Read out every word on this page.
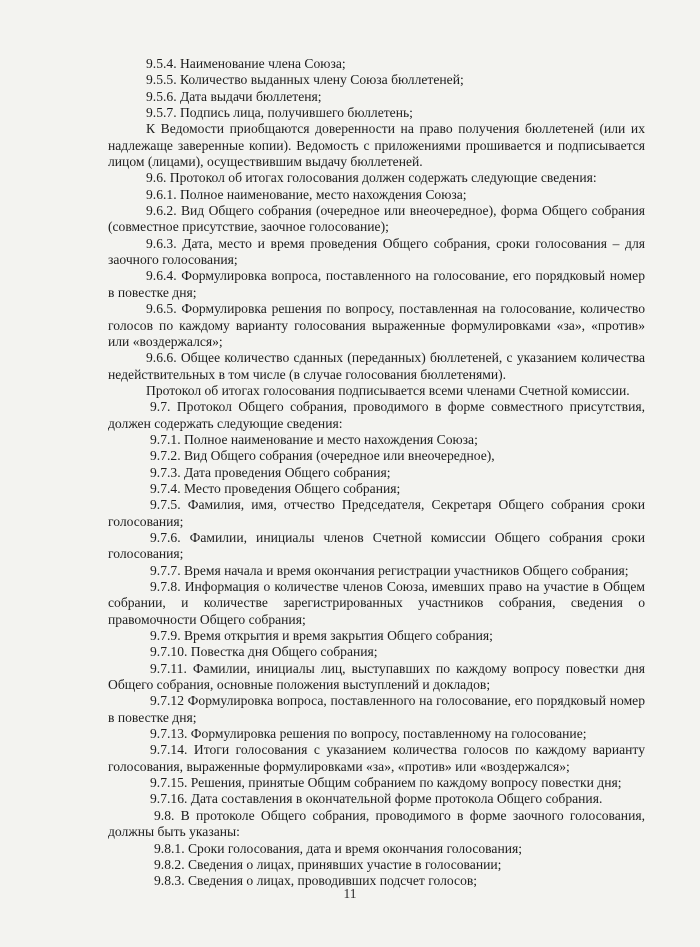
9.5.4. Наименование члена Союза;

9.5.5. Количество выданных члену Союза бюллетеней;

9.5.6. Дата выдачи бюллетеня;

9.5.7. Подпись лица, получившего бюллетень;

К Ведомости приобщаются доверенности на право получения бюллетеней (или их надлежаще заверенные копии). Ведомость с приложениями прошивается и подписывается лицом (лицами), осуществившим выдачу бюллетеней.

9.6. Протокол об итогах голосования должен содержать следующие сведения:

9.6.1. Полное наименование, место нахождения Союза;

9.6.2. Вид Общего собрания (очередное или внеочередное), форма Общего собрания (совместное присутствие, заочное голосование);

9.6.3. Дата, место и время проведения Общего собрания, сроки голосования – для заочного голосования;

9.6.4. Формулировка вопроса, поставленного на голосование, его порядковый номер в повестке дня;

9.6.5. Формулировка решения по вопросу, поставленная на голосование, количество голосов по каждому варианту голосования выраженные формулировками «за», «против» или «воздержался»;

9.6.6. Общее количество сданных (переданных) бюллетеней, с указанием количества недействительных в том числе (в случае голосования бюллетенями).

Протокол об итогах голосования подписывается всеми членами Счетной комиссии.

9.7. Протокол Общего собрания, проводимого в форме совместного присутствия, должен содержать следующие сведения:

9.7.1. Полное наименование и место нахождения Союза;

9.7.2. Вид Общего собрания (очередное или внеочередное),

9.7.3. Дата проведения Общего собрания;

9.7.4. Место проведения Общего собрания;

9.7.5. Фамилия, имя, отчество Председателя, Секретаря Общего собрания сроки голосования;

9.7.6. Фамилии, инициалы членов Счетной комиссии Общего собрания сроки голосования;

9.7.7. Время начала и время окончания регистрации участников Общего собрания;

9.7.8. Информация о количестве членов Союза, имевших право на участие в Общем собрании, и количестве зарегистрированных участников собрания, сведения о правомочности Общего собрания;

9.7.9. Время открытия и время закрытия Общего собрания;

9.7.10. Повестка дня Общего собрания;

9.7.11. Фамилии, инициалы лиц, выступавших по каждому вопросу повестки дня Общего собрания, основные положения выступлений и докладов;

9.7.12 Формулировка вопроса, поставленного на голосование, его порядковый номер в повестке дня;

9.7.13. Формулировка решения по вопросу, поставленному на голосование;

9.7.14. Итоги голосования с указанием количества голосов по каждому варианту голосования, выраженные формулировками «за», «против» или «воздержался»;

9.7.15. Решения, принятые Общим собранием по каждому вопросу повестки дня;

9.7.16. Дата составления в окончательной форме протокола Общего собрания.

9.8. В протоколе Общего собрания, проводимого в форме заочного голосования, должны быть указаны:

9.8.1. Сроки голосования, дата и время окончания голосования;

9.8.2. Сведения о лицах, принявших участие в голосовании;

9.8.3. Сведения о лицах, проводивших подсчет голосов;

11
